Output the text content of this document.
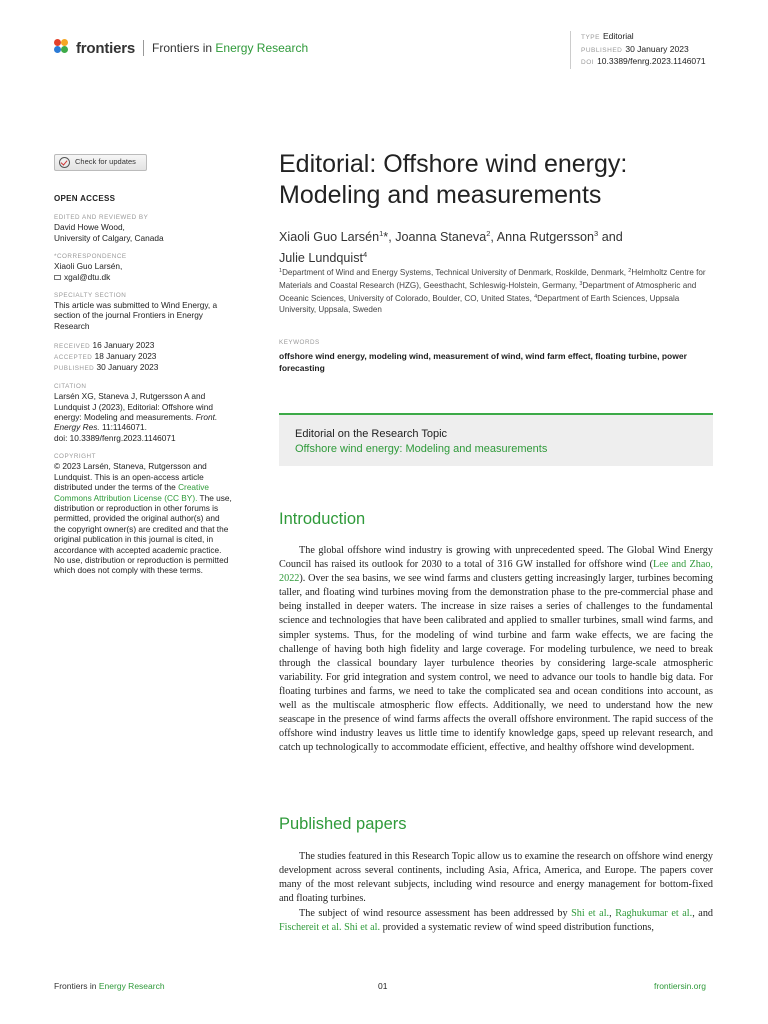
frontiers Frontiers in Energy Research
TYPE Editorial
PUBLISHED 30 January 2023
DOI 10.3389/fenrg.2023.1146071
Check for updates
OPEN ACCESS
EDITED AND REVIEWED BY
David Howe Wood,
University of Calgary, Canada
*CORRESPONDENCE
Xiaoli Guo Larsén,
xgal@dtu.dk
SPECIALTY SECTION
This article was submitted to Wind Energy, a section of the journal Frontiers in Energy Research
RECEIVED 16 January 2023
ACCEPTED 18 January 2023
PUBLISHED 30 January 2023
CITATION
Larsén XG, Staneva J, Rutgersson A and Lundquist J (2023), Editorial: Offshore wind energy: Modeling and measurements. Front. Energy Res. 11:1146071.
doi: 10.3389/fenrg.2023.1146071
COPYRIGHT
© 2023 Larsén, Staneva, Rutgersson and Lundquist. This is an open-access article distributed under the terms of the Creative Commons Attribution License (CC BY). The use, distribution or reproduction in other forums is permitted, provided the original author(s) and the copyright owner(s) are credited and that the original publication in this journal is cited, in accordance with accepted academic practice. No use, distribution or reproduction is permitted which does not comply with these terms.
Editorial: Offshore wind energy: Modeling and measurements
Xiaoli Guo Larsén$^1$*, Joanna Staneva$^2$, Anna Rutgersson$^3$ and
Julie Lundquist$^4$
$^1$Department of Wind and Energy Systems, Technical University of Denmark, Roskilde, Denmark, $^2$Helmholtz Centre for Materials and Coastal Research (HZG), Geesthacht, Schleswig-Holstein, Germany, $^3$Department of Atmospheric and Oceanic Sciences, University of Colorado, Boulder, CO, United States, $^4$Department of Earth Sciences, Uppsala University, Uppsala, Sweden
KEYWORDS
offshore wind energy, modeling wind, measurement of wind, wind farm effect, floating turbine, power forecasting
Editorial on the Research Topic
Offshore wind energy: Modeling and measurements
Introduction

The global offshore wind industry is growing with unprecedented speed. The Global Wind Energy Council has raised its outlook for 2030 to a total of 316 GW installed for offshore wind (Lee and Zhao, 2022). Over the sea basins, we see wind farms and clusters getting increasingly larger, turbines becoming taller, and floating wind turbines moving from the demonstration phase to the pre-commercial phase and being installed in deeper waters. The increase in size raises a series of challenges to the fundamental science and technologies that have been calibrated and applied to smaller turbines, small wind farms, and simpler systems. Thus, for the modeling of wind turbine and farm wake effects, we are facing the challenge of having both high fidelity and large coverage. For modeling turbulence, we need to break through the classical boundary layer turbulence theories by considering large-scale atmospheric variability. For grid integration and system control, we need to advance our tools to handle big data. For floating turbines and farms, we need to take the complicated sea and ocean conditions into account, as well as the multiscale atmospheric flow effects. Additionally, we need to understand how the new seascape in the presence of wind farms affects the overall offshore environment. The rapid success of the offshore wind industry leaves us little time to identify knowledge gaps, speed up relevant research, and catch up technologically to accommodate efficient, effective, and healthy offshore wind development.

Published papers

The studies featured in this Research Topic allow us to examine the research on offshore wind energy development across several continents, including Asia, Africa, America, and Europe. The papers cover many of the most relevant subjects, including wind resource and energy management for bottom-fixed and floating turbines.

The subject of wind resource assessment has been addressed by Shi et al., Raghukumar et al., and Fischereit et al. Shi et al. provided a systematic review of wind speed distribution functions,

Frontiers in Energy Research	01	frontiersin.org
